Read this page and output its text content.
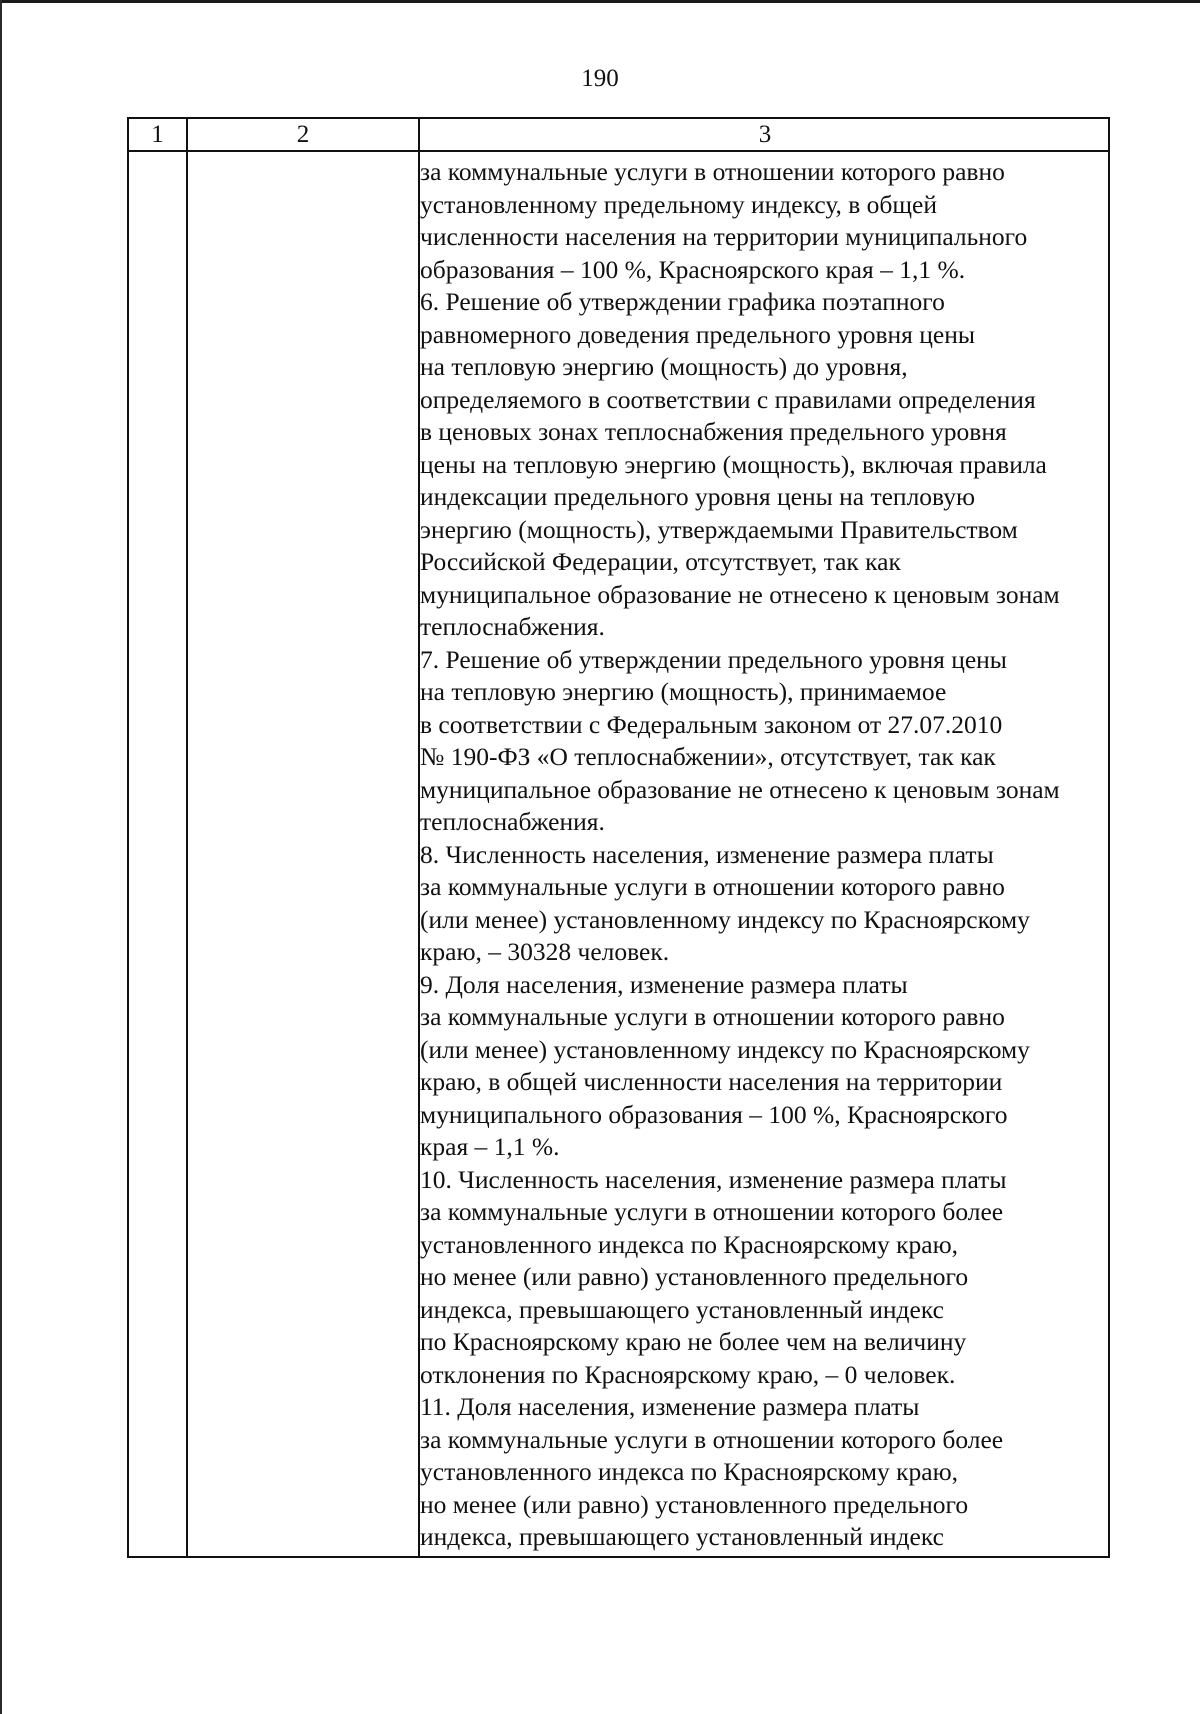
190
1	2	3
за коммунальные услуги в отношении которого равно
установленному предельному индексу, в общей
численности населения на территории муниципального
образования – 100 %, Красноярского края – 1,1 %.
6. Решение об утверждении графика поэтапного
равномерного доведения предельного уровня цены
на тепловую энергию (мощность) до уровня,
определяемого в соответствии с правилами определения
в ценовых зонах теплоснабжения предельного уровня
цены на тепловую энергию (мощность), включая правила
индексации предельного уровня цены на тепловую
энергию (мощность), утверждаемыми Правительством
Российской Федерации, отсутствует, так как
муниципальное образование не отнесено к ценовым зонам
теплоснабжения.
7. Решение об утверждении предельного уровня цены
на тепловую энергию (мощность), принимаемое
в соответствии с Федеральным законом от 27.07.2010
№ 190-ФЗ «О теплоснабжении», отсутствует, так как
муниципальное образование не отнесено к ценовым зонам
теплоснабжения.
8. Численность населения, изменение размера платы
за коммунальные услуги в отношении которого равно
(или менее) установленному индексу по Красноярскому
краю, – 30328 человек.
9. Доля населения, изменение размера платы
за коммунальные услуги в отношении которого равно
(или менее) установленному индексу по Красноярскому
краю, в общей численности населения на территории
муниципального образования – 100 %, Красноярского
края – 1,1 %.
10. Численность населения, изменение размера платы
за коммунальные услуги в отношении которого более
установленного индекса по Красноярскому краю,
но менее (или равно) установленного предельного
индекса, превышающего установленный индекс
по Красноярскому краю не более чем на величину
отклонения по Красноярскому краю, – 0 человек.
11. Доля населения, изменение размера платы
за коммунальные услуги в отношении которого более
установленного индекса по Красноярскому краю,
но менее (или равно) установленного предельного
индекса, превышающего установленный индекс
